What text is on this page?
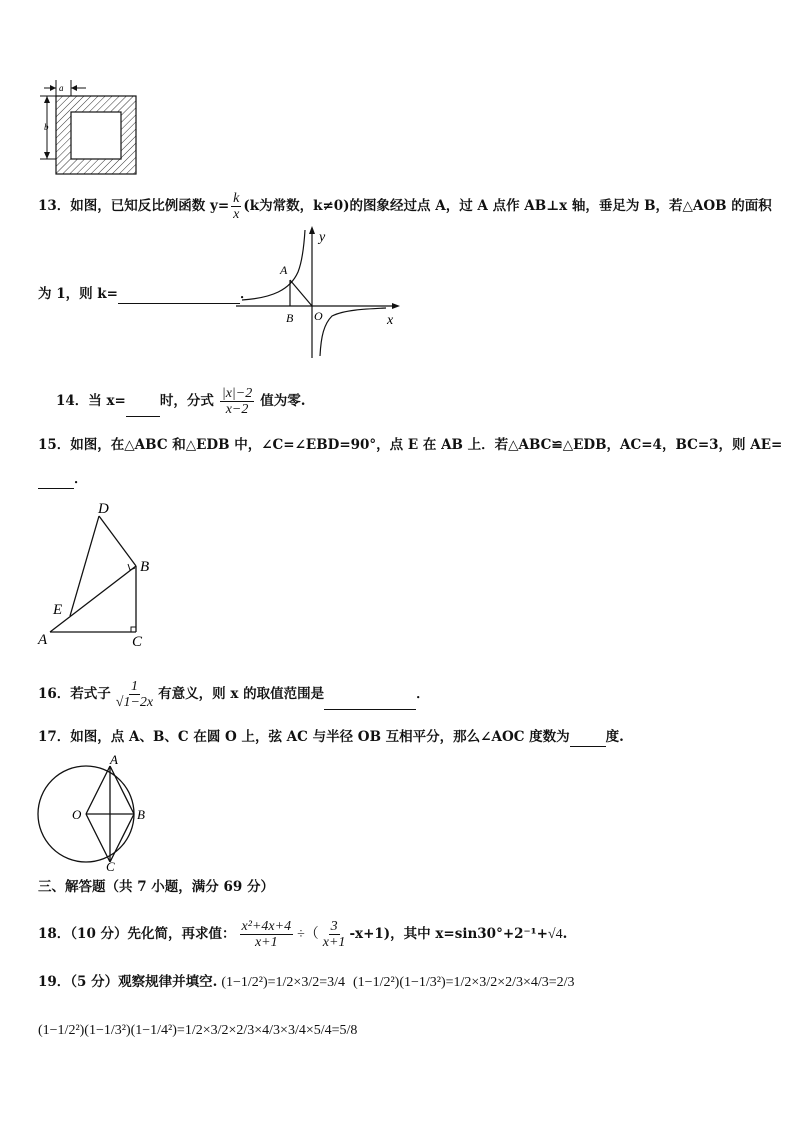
a
b
13．如图，已知反比例函数 $y= \frac{k}{x} (k$为常数，k≠0)的图象经过点 A，过 A 点作 AB⊥x 轴，垂足为 B，若△AOB 的面积
为 1，则 k=	．
y
x
A
B O
14．当 x=	时，分式 $\frac{|x|-2}{x-2}$ 值为零.
15．如图，在△ABC 和△EDB 中，∠C=∠EBD=90°，点 E 在 AB 上．若△ABC≌△EDB，AC=4，BC=3，则 AE=
．
D
B
E
A	C
16．若式子 $\frac{1}{√1-2x}$ 有意义，则 x 的取值范围是	．
17．如图，点 A、B、C 在圆 O 上，弦 AC 与半径 OB 互相平分，那么∠AOC 度数为	度.
A
O	B
C
三、解答题（共 7 小题，满分 69 分）
18．（10 分）先化简，再求值： $\frac{\text{x²+4x+4}}{x+1}$ ÷（ $\frac{3}{x+1} -x+1$)，其中 x=sin30°+2⁻¹+√4.
19．（5 分）观察规律并填空. (1−1/2²)=1/2×3/2=3/4 (1−1/2²)(1−1/3²)=1/2×3/2×2/3×4/3=2/3
(1−1/2²)(1−1/3²)(1−1/4²)=1/2×3/2×2/3×4/3×3/4×5/4=5/8
